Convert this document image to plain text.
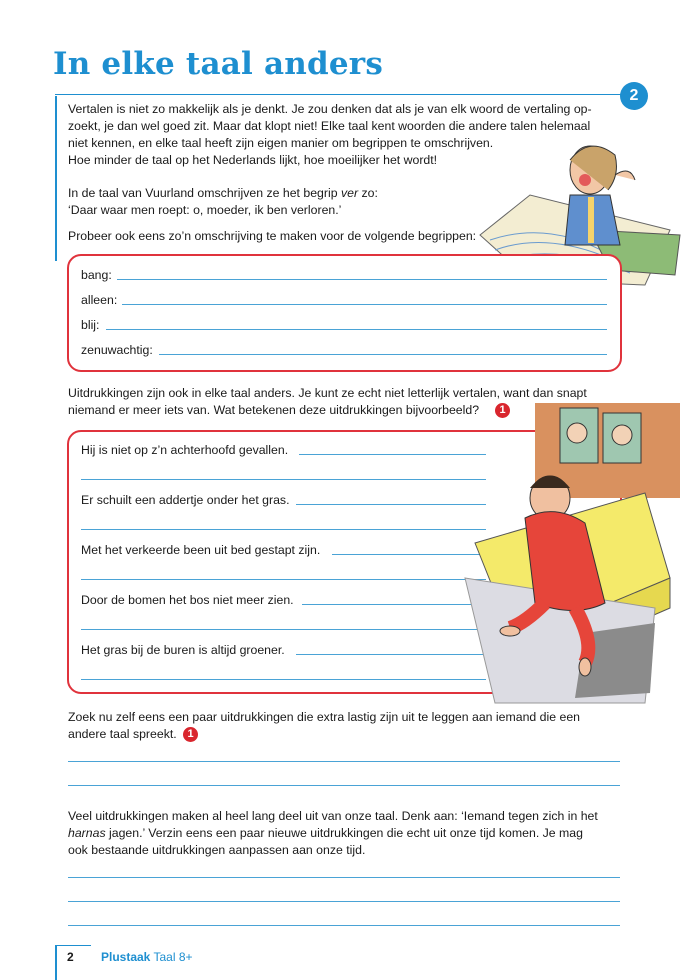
In elke taal anders
2
Vertalen is niet zo makkelijk als je denkt. Je zou denken dat als je van elk woord de vertaling op-
zoekt, je dan wel goed zit. Maar dat klopt niet! Elke taal kent woorden die andere talen helemaal
niet kennen, en elke taal heeft zijn eigen manier om begrippen te omschrijven.
Hoe minder de taal op het Nederlands lijkt, hoe moeilijker het wordt!
In de taal van Vuurland omschrijven ze het begrip ver zo:
‘Daar waar men roept: o, moeder, ik ben verloren.’
Probeer ook eens zo’n omschrijving te maken voor de volgende begrippen:
bang:
alleen:
blij:
zenuwachtig:
Uitdrukkingen zijn ook in elke taal anders. Je kunt ze echt niet letterlijk vertalen, want dan snapt
niemand er meer iets van. Wat betekenen deze uitdrukkingen bijvoorbeeld?	1
Hij is niet op z’n achterhoofd gevallen.
Er schuilt een addertje onder het gras.
Met het verkeerde been uit bed gestapt zijn.
Door de bomen het bos niet meer zien.
Het gras bij de buren is altijd groener.
Zoek nu zelf eens een paar uitdrukkingen die extra lastig zijn uit te leggen aan iemand die een
andere taal spreekt. 1
Veel uitdrukkingen maken al heel lang deel uit van onze taal. Denk aan: ‘Iemand tegen zich in het
harnas jagen.’ Verzin eens een paar nieuwe uitdrukkingen die echt uit onze tijd komen. Je mag
ook bestaande uitdrukkingen aanpassen aan onze tijd.
2 Plustaak Taal 8+
